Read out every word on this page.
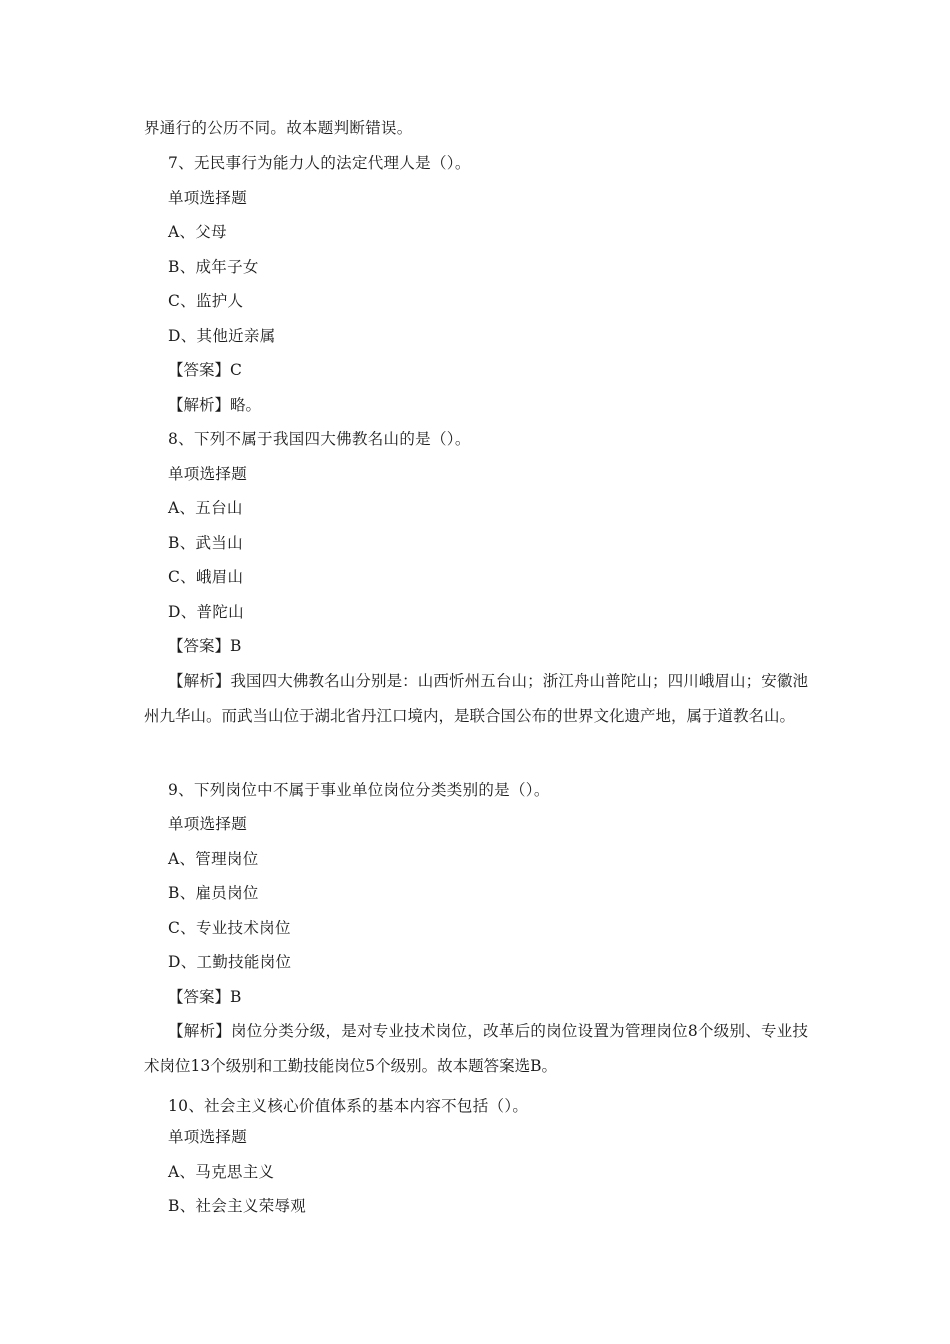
界通行的公历不同。故本题判断错误。
7、无民事行为能力人的法定代理人是（）。
单项选择题
A、父母
B、成年子女
C、监护人
D、其他近亲属
【答案】C
【解析】略。
8、下列不属于我国四大佛教名山的是（）。
单项选择题
A、五台山
B、武当山
C、峨眉山
D、普陀山
【答案】B
【解析】我国四大佛教名山分别是：山西忻州五台山；浙江舟山普陀山；四川峨眉山；安徽池州九华山。而武当山位于湖北省丹江口境内，是联合国公布的世界文化遗产地，属于道教名山。
9、下列岗位中不属于事业单位岗位分类类别的是（）。
单项选择题
A、管理岗位
B、雇员岗位
C、专业技术岗位
D、工勤技能岗位
【答案】B
【解析】岗位分类分级，是对专业技术岗位，改革后的岗位设置为管理岗位8个级别、专业技术岗位13个级别和工勤技能岗位5个级别。故本题答案选B。
10、社会主义核心价值体系的基本内容不包括（）。
单项选择题
A、马克思主义
B、社会主义荣辱观
